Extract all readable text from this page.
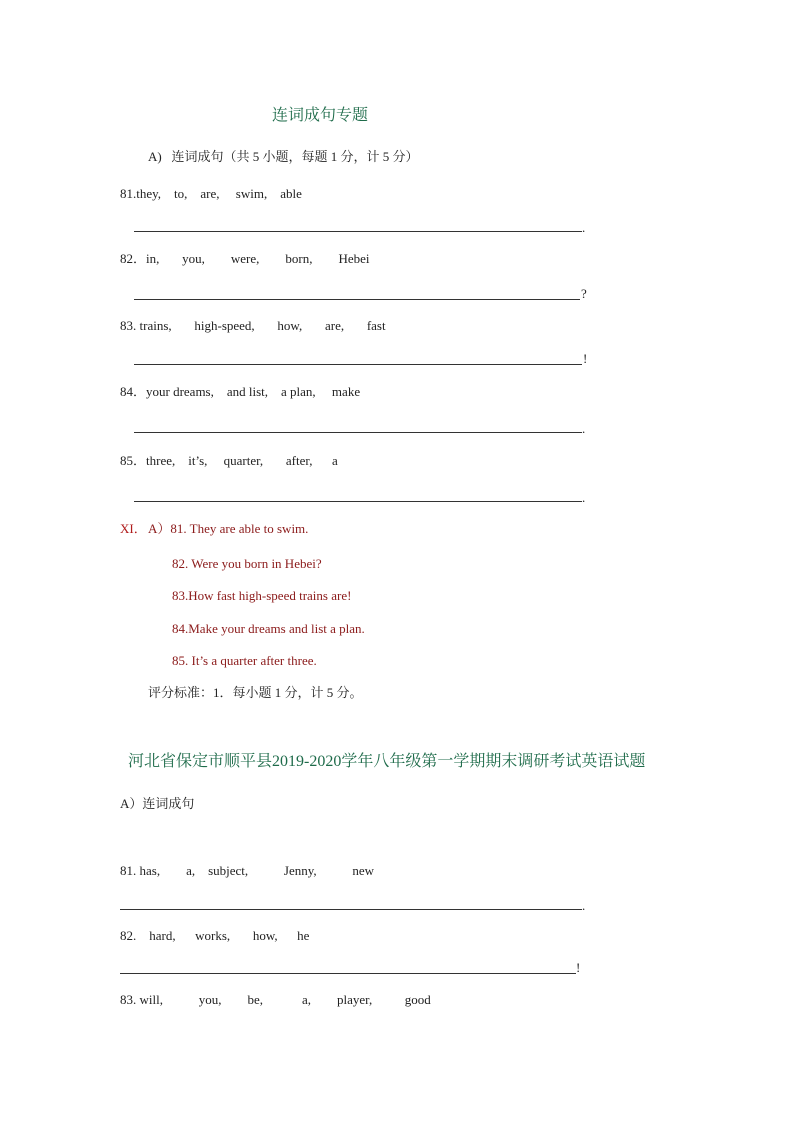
连词成句专题
A)   连词成句（共 5 小题，每题 1 分，计 5 分）
81.they,    to,    are,     swim,    able
.
82．in,       you,        were,        born,        Hebei
?
83. trains,       high-speed,       how,       are,       fast
!
84．your dreams,    and list,    a plan,     make
.
85．three,    it’s,     quarter,       after,      a
.
XI． A）81. They are able to swim.
82. Were you born in Hebei?
83.How fast high-speed trains are!
84.Make your dreams and list a plan.
85. It’s a quarter after three.
评分标准：1．每小题 1 分，计 5 分。
河北省保定市顺平县2019-2020学年八年级第一学期期末调研考试英语试题
A）连词成句
81. has,        a,    subject,           Jenny,           new
.
82.    hard,      works,       how,      he
!
83. will,           you,        be,            a,        player,          good
